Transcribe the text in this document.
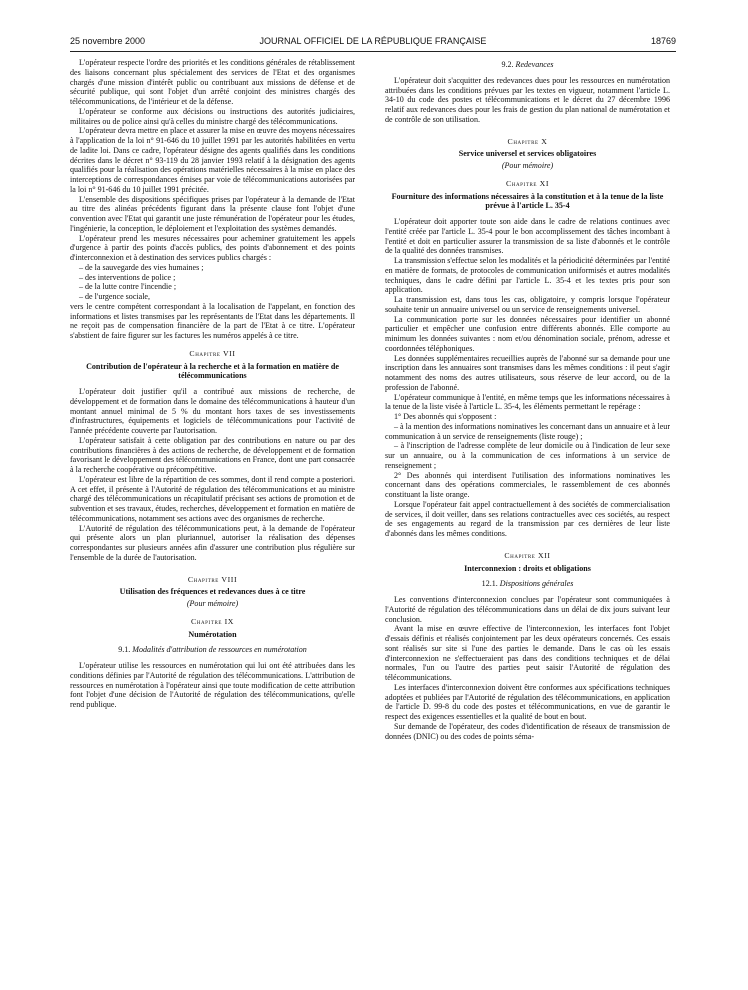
25 novembre 2000	JOURNAL OFFICIEL DE LA RÉPUBLIQUE FRANÇAISE	18769

L'opérateur respecte l'ordre des priorités et les conditions générales de rétablissement des liaisons concernant plus spécialement des services de l'Etat et des organismes chargés d'une mission d'intérêt public ou contribuant aux missions de défense et de sécurité publique, qui sont l'objet d'un arrêté conjoint des ministres chargés des télécommunications, de l'intérieur et de la défense.

L'opérateur se conforme aux décisions ou instructions des autorités judiciaires, militaires ou de police ainsi qu'à celles du ministre chargé des télécommunications.

L'opérateur devra mettre en place et assurer la mise en œuvre des moyens nécessaires à l'application de la loi n° 91-646 du 10 juillet 1991 par les autorités habilitées en vertu de ladite loi. Dans ce cadre, l'opérateur désigne des agents qualifiés dans les conditions décrites dans le décret n° 93-119 du 28 janvier 1993 relatif à la désignation des agents qualifiés pour la réalisation des opérations matérielles nécessaires à la mise en place des interceptions de correspondances émises par voie de télécommunications autorisées par la loi n° 91-646 du 10 juillet 1991 précitée.

L'ensemble des dispositions spécifiques prises par l'opérateur à la demande de l'Etat au titre des alinéas précédents figurant dans la présente clause font l'objet d'une convention avec l'Etat qui garantit une juste rémunération de l'opérateur pour les études, l'ingénierie, la conception, le déploiement et l'exploitation des systèmes demandés.

L'opérateur prend les mesures nécessaires pour acheminer gratuitement les appels d'urgence à partir des points d'accès publics, des points d'abonnement et des points d'interconnexion et à destination des services publics chargés :

– de la sauvegarde des vies humaines ;

– des interventions de police ;

– de la lutte contre l'incendie ;

– de l'urgence sociale,

vers le centre compétent correspondant à la localisation de l'appelant, en fonction des informations et listes transmises par les représentants de l'Etat dans les départements. Il ne reçoit pas de compensation financière de la part de l'Etat à ce titre. L'opérateur s'abstient de faire figurer sur les factures les numéros appelés à ce titre.

Chapitre VII
Contribution de l'opérateur à la recherche et à la formation en matière de télécommunications

L'opérateur doit justifier qu'il a contribué aux missions de recherche, de développement et de formation dans le domaine des télécommunications à hauteur d'un montant annuel minimal de 5 % du montant hors taxes de ses investissements d'infrastructures, équipements et logiciels de télécommunications pour l'activité de l'année précédente couverte par l'autorisation.

L'opérateur satisfait à cette obligation par des contributions en nature ou par des contributions financières à des actions de recherche, de développement et de formation favorisant le développement des télécommunications en France, dont une part consacrée à la recherche coopérative ou précompétitive.

L'opérateur est libre de la répartition de ces sommes, dont il rend compte a posteriori. A cet effet, il présente à l'Autorité de régulation des télécommunications et au ministre chargé des télécommunications un récapitulatif précisant ses actions de promotion et de subvention et ses travaux, études, recherches, développement et formation en matière de télécommunications, notamment ses actions avec des organismes de recherche.

L'Autorité de régulation des télécommunications peut, à la demande de l'opérateur qui présente alors un plan pluriannuel, autoriser la réalisation des dépenses correspondantes sur plusieurs années afin d'assurer une contribution plus régulière sur l'ensemble de la durée de l'autorisation.

Chapitre VIII
Utilisation des fréquences et redevances dues à ce titre
(Pour mémoire)
Chapitre IX
Numérotation
9.1. Modalités d'attribution de ressources en numérotation

L'opérateur utilise les ressources en numérotation qui lui ont été attribuées dans les conditions définies par l'Autorité de régulation des télécommunications. L'attribution de ressources en numérotation à l'opérateur ainsi que toute modification de cette attribution font l'objet d'une décision de l'Autorité de régulation des télécommunications, qu'elle rend publique.

9.2. Redevances

L'opérateur doit s'acquitter des redevances dues pour les ressources en numérotation attribuées dans les conditions prévues par les textes en vigueur, notamment l'article L. 34-10 du code des postes et télécommunications et le décret du 27 décembre 1996 relatif aux redevances dues pour les frais de gestion du plan national de numérotation et de contrôle de son utilisation.

Chapitre X
Service universel et services obligatoires
(Pour mémoire)
Chapitre XI
Fourniture des informations nécessaires à la constitution et à la tenue de la liste prévue à l'article L. 35-4

L'opérateur doit apporter toute son aide dans le cadre de relations continues avec l'entité créée par l'article L. 35-4 pour le bon accomplissement des tâches incombant à l'entité et doit en particulier assurer la transmission de sa liste d'abonnés et le contrôle de la qualité des données transmises.

La transmission s'effectue selon les modalités et la périodicité déterminées par l'entité en matière de formats, de protocoles de communication uniformisés et autres modalités techniques, dans le cadre défini par l'article L. 35-4 et les textes pris pour son application.

La transmission est, dans tous les cas, obligatoire, y compris lorsque l'opérateur souhaite tenir un annuaire universel ou un service de renseignements universel.

La communication porte sur les données nécessaires pour identifier un abonné particulier et empêcher une confusion entre différents abonnés. Elle comporte au minimum les données suivantes : nom et/ou dénomination sociale, prénom, adresse et coordonnées téléphoniques.

Les données supplémentaires recueillies auprès de l'abonné sur sa demande pour une inscription dans les annuaires sont transmises dans les mêmes conditions : il peut s'agir notamment des noms des autres utilisateurs, sous réserve de leur accord, ou de la profession de l'abonné.

L'opérateur communique à l'entité, en même temps que les informations nécessaires à la tenue de la liste visée à l'article L. 35-4, les éléments permettant le repérage :

1° Des abonnés qui s'opposent :

– à la mention des informations nominatives les concernant dans un annuaire et à leur communication à un service de renseignements (liste rouge) ;

– à l'inscription de l'adresse complète de leur domicile ou à l'indication de leur sexe sur un annuaire, ou à la communication de ces informations à un service de renseignement ;

2° Des abonnés qui interdisent l'utilisation des informations nominatives les concernant dans des opérations commerciales, le rassemblement de ces abonnés constituant la liste orange.

Lorsque l'opérateur fait appel contractuellement à des sociétés de commercialisation de services, il doit veiller, dans ses relations contractuelles avec ces sociétés, au respect de ses engagements au regard de la transmission par ces dernières de leur liste d'abonnés dans les mêmes conditions.

Chapitre XII
Interconnexion : droits et obligations
12.1. Dispositions générales

Les conventions d'interconnexion conclues par l'opérateur sont communiquées à l'Autorité de régulation des télécommunications dans un délai de dix jours suivant leur conclusion.

Avant la mise en œuvre effective de l'interconnexion, les interfaces font l'objet d'essais définis et réalisés conjointement par les deux opérateurs concernés. Ces essais sont réalisés sur site si l'une des parties le demande. Dans le cas où les essais d'interconnexion ne s'effectueraient pas dans des conditions techniques et de délai normales, l'un ou l'autre des parties peut saisir l'Autorité de régulation des télécommunications.

Les interfaces d'interconnexion doivent être conformes aux spécifications techniques adoptées et publiées par l'Autorité de régulation des télécommunications, en application de l'article D. 99-8 du code des postes et télécommunications, en vue de garantir le respect des exigences essentielles et la qualité de bout en bout.

Sur demande de l'opérateur, des codes d'identification de réseaux de transmission de données (DNIC) ou des codes de points séma-
